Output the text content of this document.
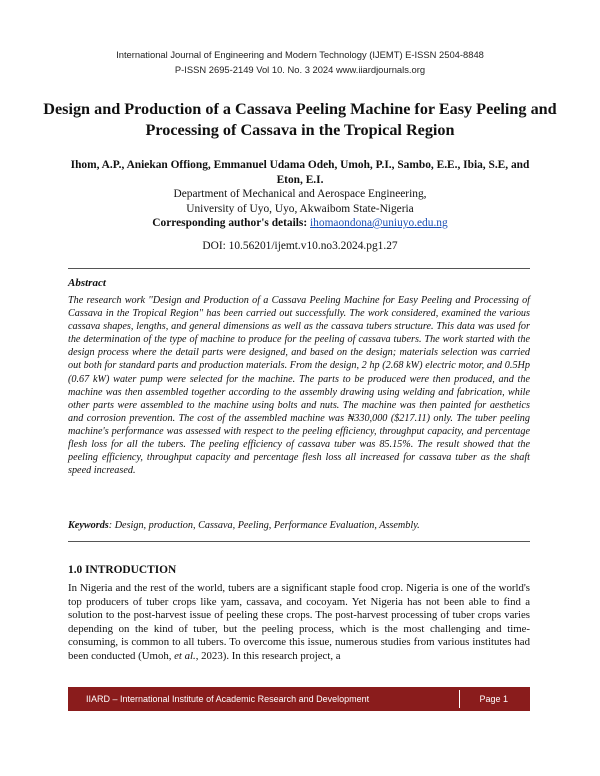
International Journal of Engineering and Modern Technology (IJEMT) E-ISSN 2504-8848
P-ISSN 2695-2149 Vol 10. No. 3 2024 www.iiardjournals.org
Design and Production of a Cassava Peeling Machine for Easy Peeling and Processing of Cassava in the Tropical Region
Ihom, A.P., Aniekan Offiong, Emmanuel Udama Odeh, Umoh, P.I., Sambo, E.E., Ibia, S.E, and Eton, E.I.
Department of Mechanical and Aerospace Engineering,
University of Uyo, Uyo, Akwaibom State-Nigeria
Corresponding author's details: ihomaondona@uniuyo.edu.ng
DOI: 10.56201/ijemt.v10.no3.2024.pg1.27
Abstract

The research work ''Design and Production of a Cassava Peeling Machine for Easy Peeling and Processing of Cassava in the Tropical Region'' has been carried out successfully. The work considered, examined the various cassava shapes, lengths, and general dimensions as well as the cassava tubers structure. This data was used for the determination of the type of machine to produce for the peeling of cassava tubers. The work started with the design process where the detail parts were designed, and based on the design; materials selection was carried out both for standard parts and production materials. From the design, 2 hp (2.68 kW) electric motor, and 0.5Hp (0.67 kW) water pump were selected for the machine. The parts to be produced were then produced, and the machine was then assembled together according to the assembly drawing using welding and fabrication, while other parts were assembled to the machine using bolts and nuts. The machine was then painted for aesthetics and corrosion prevention. The cost of the assembled machine was ₦330,000 ($217.11) only. The tuber peeling machine's performance was assessed with respect to the peeling efficiency, throughput capacity, and percentage flesh loss for all the tubers. The peeling efficiency of cassava tuber was 85.15%. The result showed that the peeling efficiency, throughput capacity and percentage flesh loss all increased for cassava tuber as the shaft speed increased.

Keywords: Design, production, Cassava, Peeling, Performance Evaluation, Assembly.
1.0 INTRODUCTION

In Nigeria and the rest of the world, tubers are a significant staple food crop. Nigeria is one of the world's top producers of tuber crops like yam, cassava, and cocoyam. Yet Nigeria has not been able to find a solution to the post-harvest issue of peeling these crops. The post-harvest processing of tuber crops varies depending on the kind of tuber, but the peeling process, which is the most challenging and time-consuming, is common to all tubers. To overcome this issue, numerous studies from various institutes had been conducted (Umoh, et al., 2023). In this research project, a

IIARD – International Institute of Academic Research and Development	Page 1
